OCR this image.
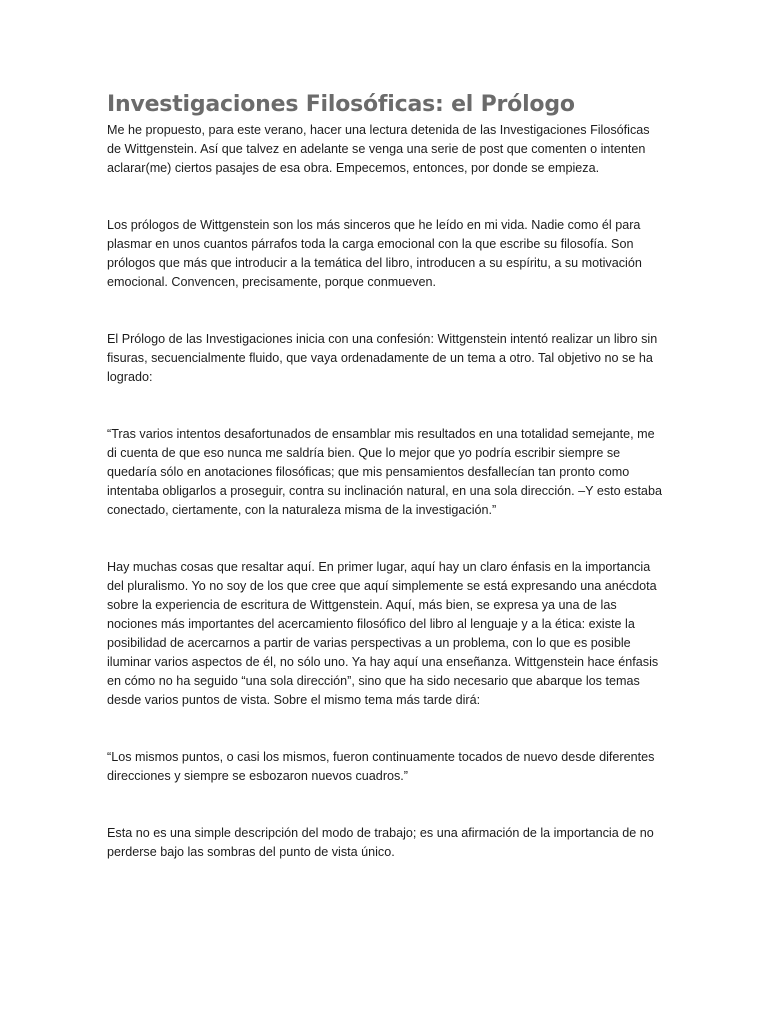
Investigaciones Filosóficas: el Prólogo

Me he propuesto, para este verano, hacer una lectura detenida de las Investigaciones Filosóficas de Wittgenstein. Así que talvez en adelante se venga una serie de post que comenten o intenten aclarar(me) ciertos pasajes de esa obra. Empecemos, entonces, por donde se empieza.

Los prólogos de Wittgenstein son los más sinceros que he leído en mi vida. Nadie como él para plasmar en unos cuantos párrafos toda la carga emocional con la que escribe su filosofía. Son prólogos que más que introducir a la temática del libro, introducen a su espíritu, a su motivación emocional. Convencen, precisamente, porque conmueven.

El Prólogo de las Investigaciones inicia con una confesión: Wittgenstein intentó realizar un libro sin fisuras, secuencialmente fluido, que vaya ordenadamente de un tema a otro. Tal objetivo no se ha logrado:

“Tras varios intentos desafortunados de ensamblar mis resultados en una totalidad semejante, me di cuenta de que eso nunca me saldría bien. Que lo mejor que yo podría escribir siempre se quedaría sólo en anotaciones filosóficas; que mis pensamientos desfallecían tan pronto como intentaba obligarlos a proseguir, contra su inclinación natural, en una sola dirección. –Y esto estaba conectado, ciertamente, con la naturaleza misma de la investigación.”

Hay muchas cosas que resaltar aquí. En primer lugar, aquí hay un claro énfasis en la importancia del pluralismo. Yo no soy de los que cree que aquí simplemente se está expresando una anécdota sobre la experiencia de escritura de Wittgenstein. Aquí, más bien, se expresa ya una de las nociones más importantes del acercamiento filosófico del libro al lenguaje y a la ética: existe la posibilidad de acercarnos a partir de varias perspectivas a un problema, con lo que es posible iluminar varios aspectos de él, no sólo uno. Ya hay aquí una enseñanza. Wittgenstein hace énfasis en cómo no ha seguido “una sola dirección”, sino que ha sido necesario que abarque los temas desde varios puntos de vista. Sobre el mismo tema más tarde dirá:

“Los mismos puntos, o casi los mismos, fueron continuamente tocados de nuevo desde diferentes direcciones y siempre se esbozaron nuevos cuadros.”

Esta no es una simple descripción del modo de trabajo; es una afirmación de la importancia de no perderse bajo las sombras del punto de vista único.
